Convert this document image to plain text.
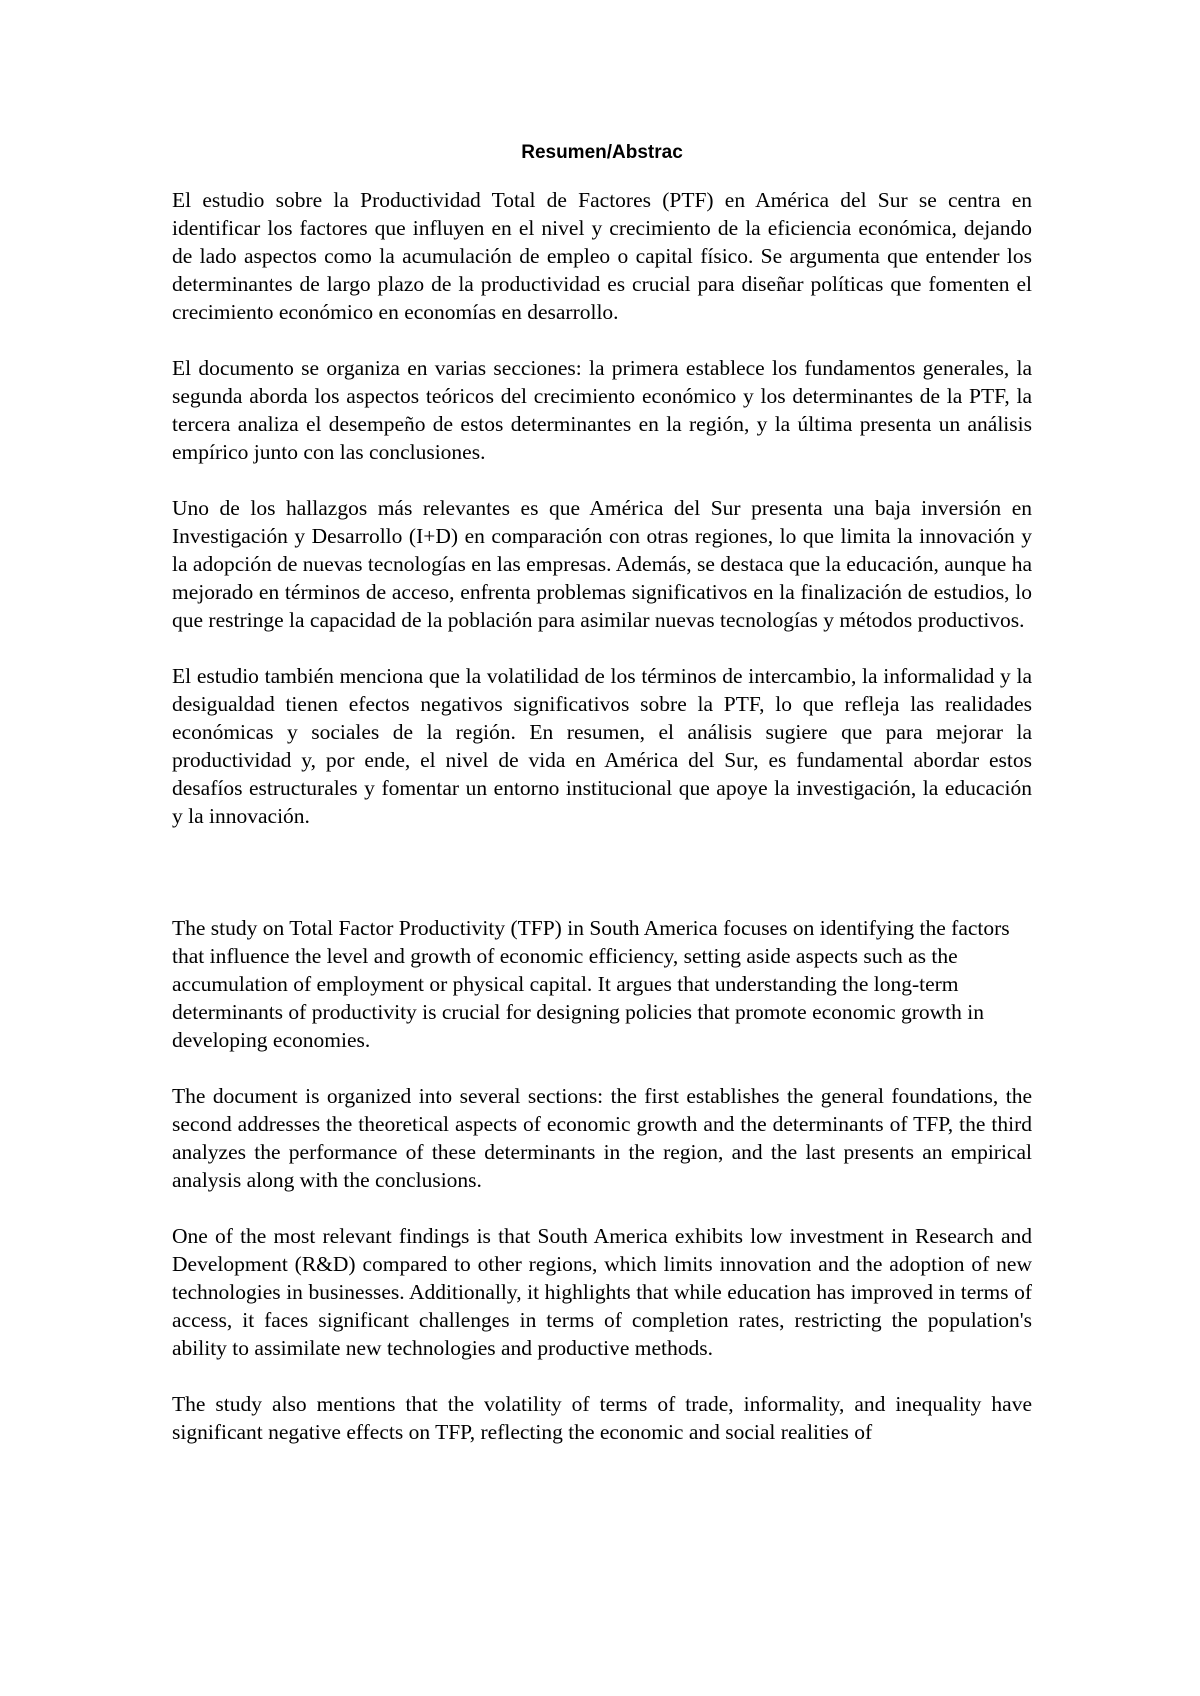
Resumen/Abstrac

El estudio sobre la Productividad Total de Factores (PTF) en América del Sur se centra en identificar los factores que influyen en el nivel y crecimiento de la eficiencia económica, dejando de lado aspectos como la acumulación de empleo o capital físico. Se argumenta que entender los determinantes de largo plazo de la productividad es crucial para diseñar políticas que fomenten el crecimiento económico en economías en desarrollo.

El documento se organiza en varias secciones: la primera establece los fundamentos generales, la segunda aborda los aspectos teóricos del crecimiento económico y los determinantes de la PTF, la tercera analiza el desempeño de estos determinantes en la región, y la última presenta un análisis empírico junto con las conclusiones.

Uno de los hallazgos más relevantes es que América del Sur presenta una baja inversión en Investigación y Desarrollo (I+D) en comparación con otras regiones, lo que limita la innovación y la adopción de nuevas tecnologías en las empresas. Además, se destaca que la educación, aunque ha mejorado en términos de acceso, enfrenta problemas significativos en la finalización de estudios, lo que restringe la capacidad de la población para asimilar nuevas tecnologías y métodos productivos.

El estudio también menciona que la volatilidad de los términos de intercambio, la informalidad y la desigualdad tienen efectos negativos significativos sobre la PTF, lo que refleja las realidades económicas y sociales de la región. En resumen, el análisis sugiere que para mejorar la productividad y, por ende, el nivel de vida en América del Sur, es fundamental abordar estos desafíos estructurales y fomentar un entorno institucional que apoye la investigación, la educación y la innovación.

The study on Total Factor Productivity (TFP) in South America focuses on identifying the factors that influence the level and growth of economic efficiency, setting aside aspects such as the accumulation of employment or physical capital. It argues that understanding the long-term determinants of productivity is crucial for designing policies that promote economic growth in developing economies.

The document is organized into several sections: the first establishes the general foundations, the second addresses the theoretical aspects of economic growth and the determinants of TFP, the third analyzes the performance of these determinants in the region, and the last presents an empirical analysis along with the conclusions.

One of the most relevant findings is that South America exhibits low investment in Research and Development (R&D) compared to other regions, which limits innovation and the adoption of new technologies in businesses. Additionally, it highlights that while education has improved in terms of access, it faces significant challenges in terms of completion rates, restricting the population's ability to assimilate new technologies and productive methods.

The study also mentions that the volatility of terms of trade, informality, and inequality have significant negative effects on TFP, reflecting the economic and social realities of
